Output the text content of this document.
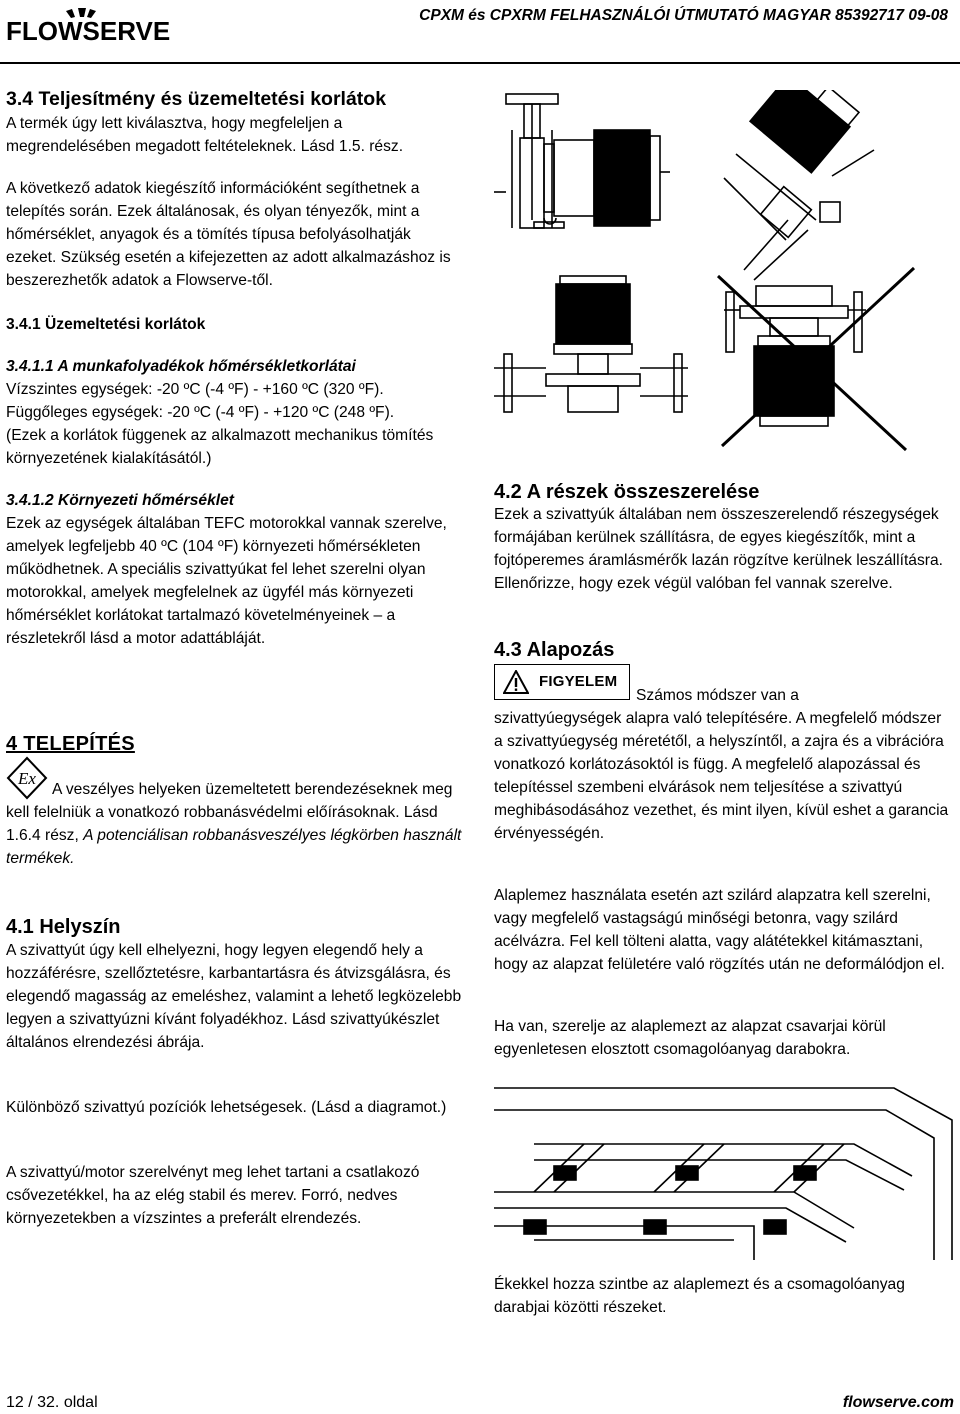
FLOWSERVE
CPXM és CPXRM FELHASZNÁLÓI ÚTMUTATÓ MAGYAR 85392717 09-08
3.4 Teljesítmény és üzemeltetési korlátok

A termék úgy lett kiválasztva, hogy megfeleljen a megrendelésében megadott feltételeknek. Lásd 1.5. rész.

A következő adatok kiegészítő információként segíthetnek a telepítés során. Ezek általánosak, és olyan tényezők, mint a hőmérséklet, anyagok és a tömítés típusa befolyásolhatják ezeket. Szükség esetén a kifejezetten az adott alkalmazáshoz is beszerezhetők adatok a Flowserve-től.

3.4.1 Üzemeltetési korlátok
3.4.1.1 A munkafolyadékok hőmérsékletkorlátai

Vízszintes egységek: -20 ºC (-4 ºF) - +160 ºC (320 ºF).

Függőleges egységek: -20 ºC (-4 ºF) - +120 ºC (248 ºF).

(Ezek a korlátok függenek az alkalmazott mechanikus tömítés környezetének kialakításától.)

3.4.1.2 Környezeti hőmérséklet

Ezek az egységek általában TEFC motorokkal vannak szerelve, amelyek legfeljebb 40 ºC (104 ºF) környezeti hőmérsékleten működhetnek. A speciális szivattyúkat fel lehet szerelni olyan motorokkal, amelyek megfelelnek az ügyfél más környezeti hőmérséklet korlátokat tartalmazó követelményeinek – a részletekről lásd a motor adattábláját.

4 TELEPÍTÉS
Ex

A veszélyes helyeken üzemeltetett berendezéseknek meg kell felelniük a vonatkozó robbanásvédelmi előírásoknak. Lásd 1.6.4 rész, A potenciálisan robbanásveszélyes légkörben használt termékek.

4.1 Helyszín

A szivattyút úgy kell elhelyezni, hogy legyen elegendő hely a hozzáférésre, szellőztetésre, karbantartásra és átvizsgálásra, és elegendő magasság az emeléshez, valamint a lehető legközelebb legyen a szivattyúzni kívánt folyadékhoz. Lásd szivattyúkészlet általános elrendezési ábrája.

Különböző szivattyú pozíciók lehetségesek. (Lásd a diagramot.)

A szivattyú/motor szerelvényt meg lehet tartani a csatlakozó csővezetékkel, ha az elég stabil és merev. Forró, nedves környezetekben a vízszintes a preferált elrendezés.

4.2 A részek összeszerelése

Ezek a szivattyúk általában nem összeszerelendő részegységek formájában kerülnek szállításra, de egyes kiegészítők, mint a fojtóperemes áramlásmérők lazán rögzítve kerülnek leszállításra. Ellenőrizze, hogy ezek végül valóban fel vannak szerelve.

4.3 Alapozás
FIGYELEM

Számos módszer van a

szivattyúegységek alapra való telepítésére. A megfelelő módszer a szivattyúegység méretétől, a helyszíntől, a zajra és a vibrációra vonatkozó korlátozásoktól is függ. A megfelelő alapozással és telepítéssel szembeni elvárások nem teljesítése a szivattyú meghibásodásához vezethet, és mint ilyen, kívül eshet a garancia érvényességén.

Alaplemez használata esetén azt szilárd alapzatra kell szerelni, vagy megfelelő vastagságú minőségi betonra, vagy szilárd acélvázra. Fel kell tölteni alatta, vagy alátétekkel kitámasztani, hogy az alapzat felületére való rögzítés után ne deformálódjon el.

Ha van, szerelje az alaplemezt az alapzat csavarjai körül egyenletesen elosztott csomagolóanyag darabokra.

Ékekkel hozza szintbe az alaplemezt és a csomagolóanyag darabjai közötti részeket.

12 / 32. oldal	flowserve.com
